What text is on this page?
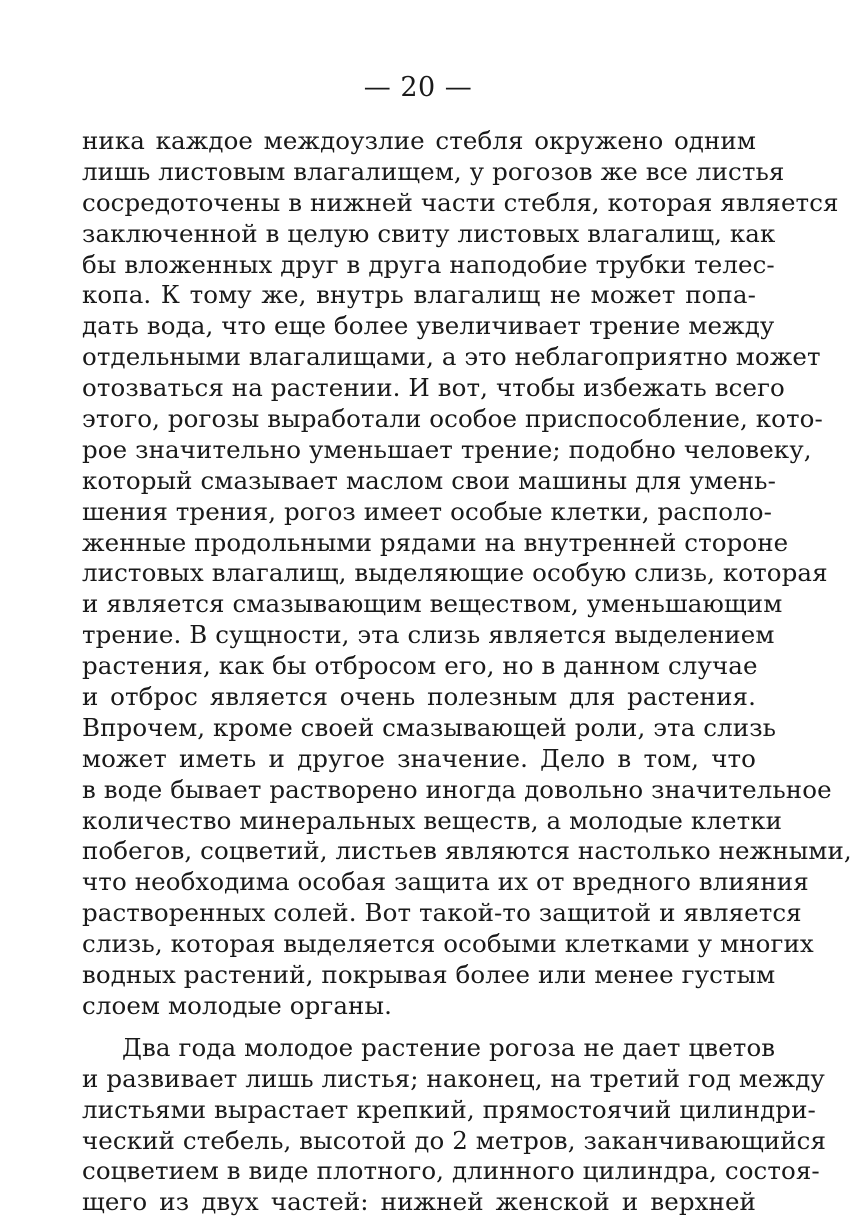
— 20 —
ника каждое междоузлие стебля окружено одним
лишь листовым влагалищем, у рогозов же все листья
сосредоточены в нижней части стебля, которая является
заключенной в целую свиту листовых влагалищ, как
бы вложенных друг в друга наподобие трубки телес-
копа. К тому же, внутрь влагалищ не может попа-
дать вода, что еще более увеличивает трение между
отдельными влагалищами, а это неблагоприятно может
отозваться на растении. И вот, чтобы избежать всего
этого, рогозы выработали особое приспособление, кото-
рое значительно уменьшает трение; подобно человеку,
который смазывает маслом свои машины для умень-
шения трения, рогоз имеет особые клетки, располо-
женные продольными рядами на внутренней стороне
листовых влагалищ, выделяющие особую слизь, которая
и является смазывающим веществом, уменьшающим
трение. В сущности, эта слизь является выделением
растения, как бы отбросом его, но в данном случае
и отброс является очень полезным для растения.
Впрочем, кроме своей смазывающей роли, эта слизь
может иметь и другое значение. Дело в том, что
в воде бывает растворено иногда довольно значительное
количество минеральных веществ, а молодые клетки
побегов, соцветий, листьев являются настолько нежными,
что необходима особая защита их от вредного влияния
растворенных солей. Вот такой-то защитой и является
слизь, которая выделяется особыми клетками у многих
водных растений, покрывая более или менее густым
слоем молодые органы.
Два года молодое растение рогоза не дает цветов
и развивает лишь листья; наконец, на третий год между
листьями вырастает крепкий, прямостоячий цилиндри-
ческий стебель, высотой до 2 метров, заканчивающийся
соцветием в виде плотного, длинного цилиндра, состоя-
щего из двух частей: нижней женской и верхней
